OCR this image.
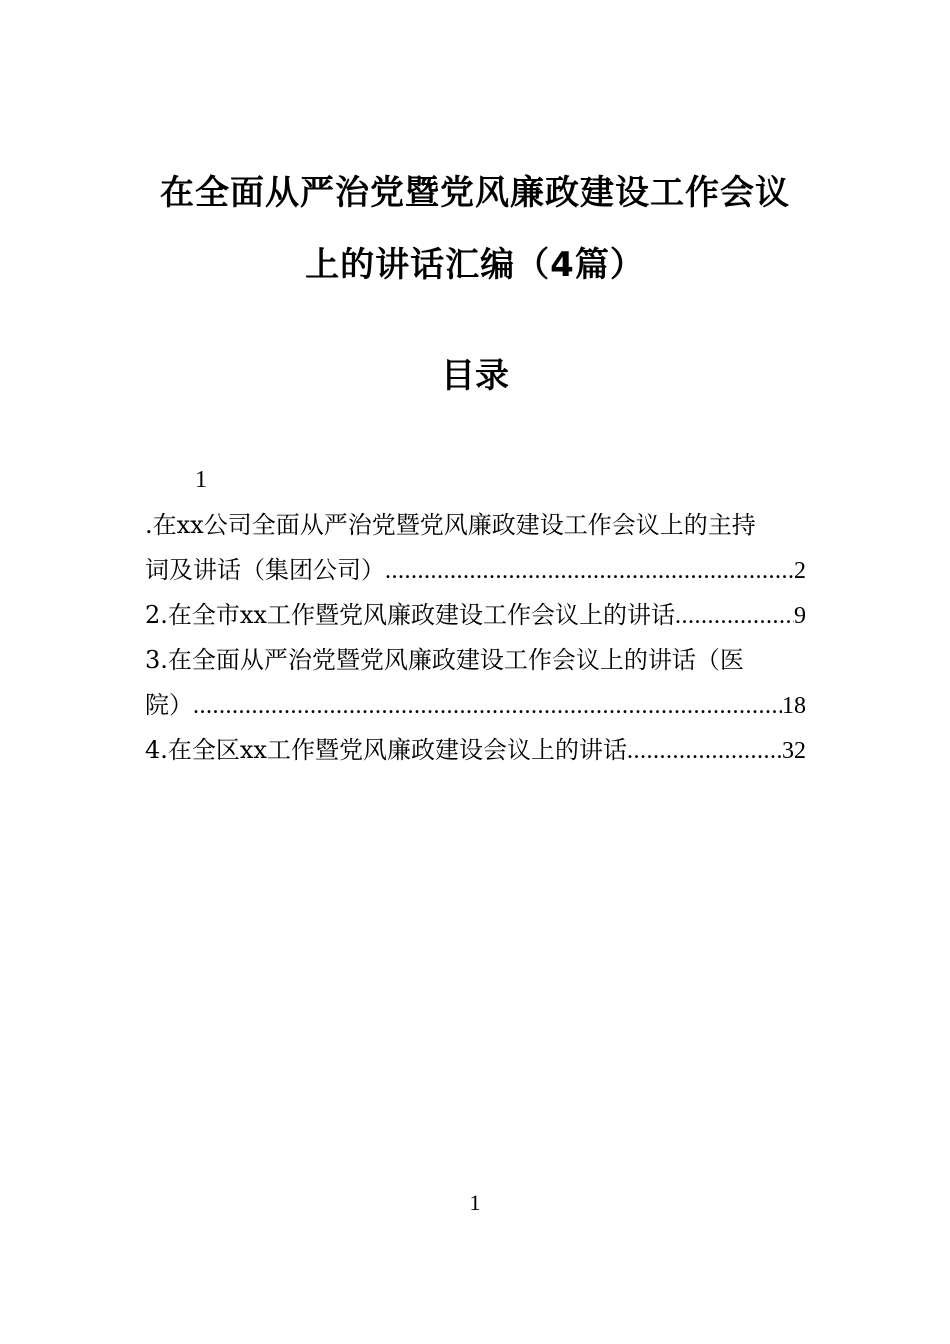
在全面从严治党暨党风廉政建设工作会议
上的讲话汇编（4篇）
目录
1
.在xx公司全面从严治党暨党风廉政建设工作会议上的主持
词及讲话（集团公司） .....	2
2.在全市xx工作暨党风廉政建设工作会议上的讲话 .....	9
3.在全面从严治党暨党风廉政建设工作会议上的讲话（医
院） .....	18
4.在全区xx工作暨党风廉政建设会议上的讲话 .....	32
1
